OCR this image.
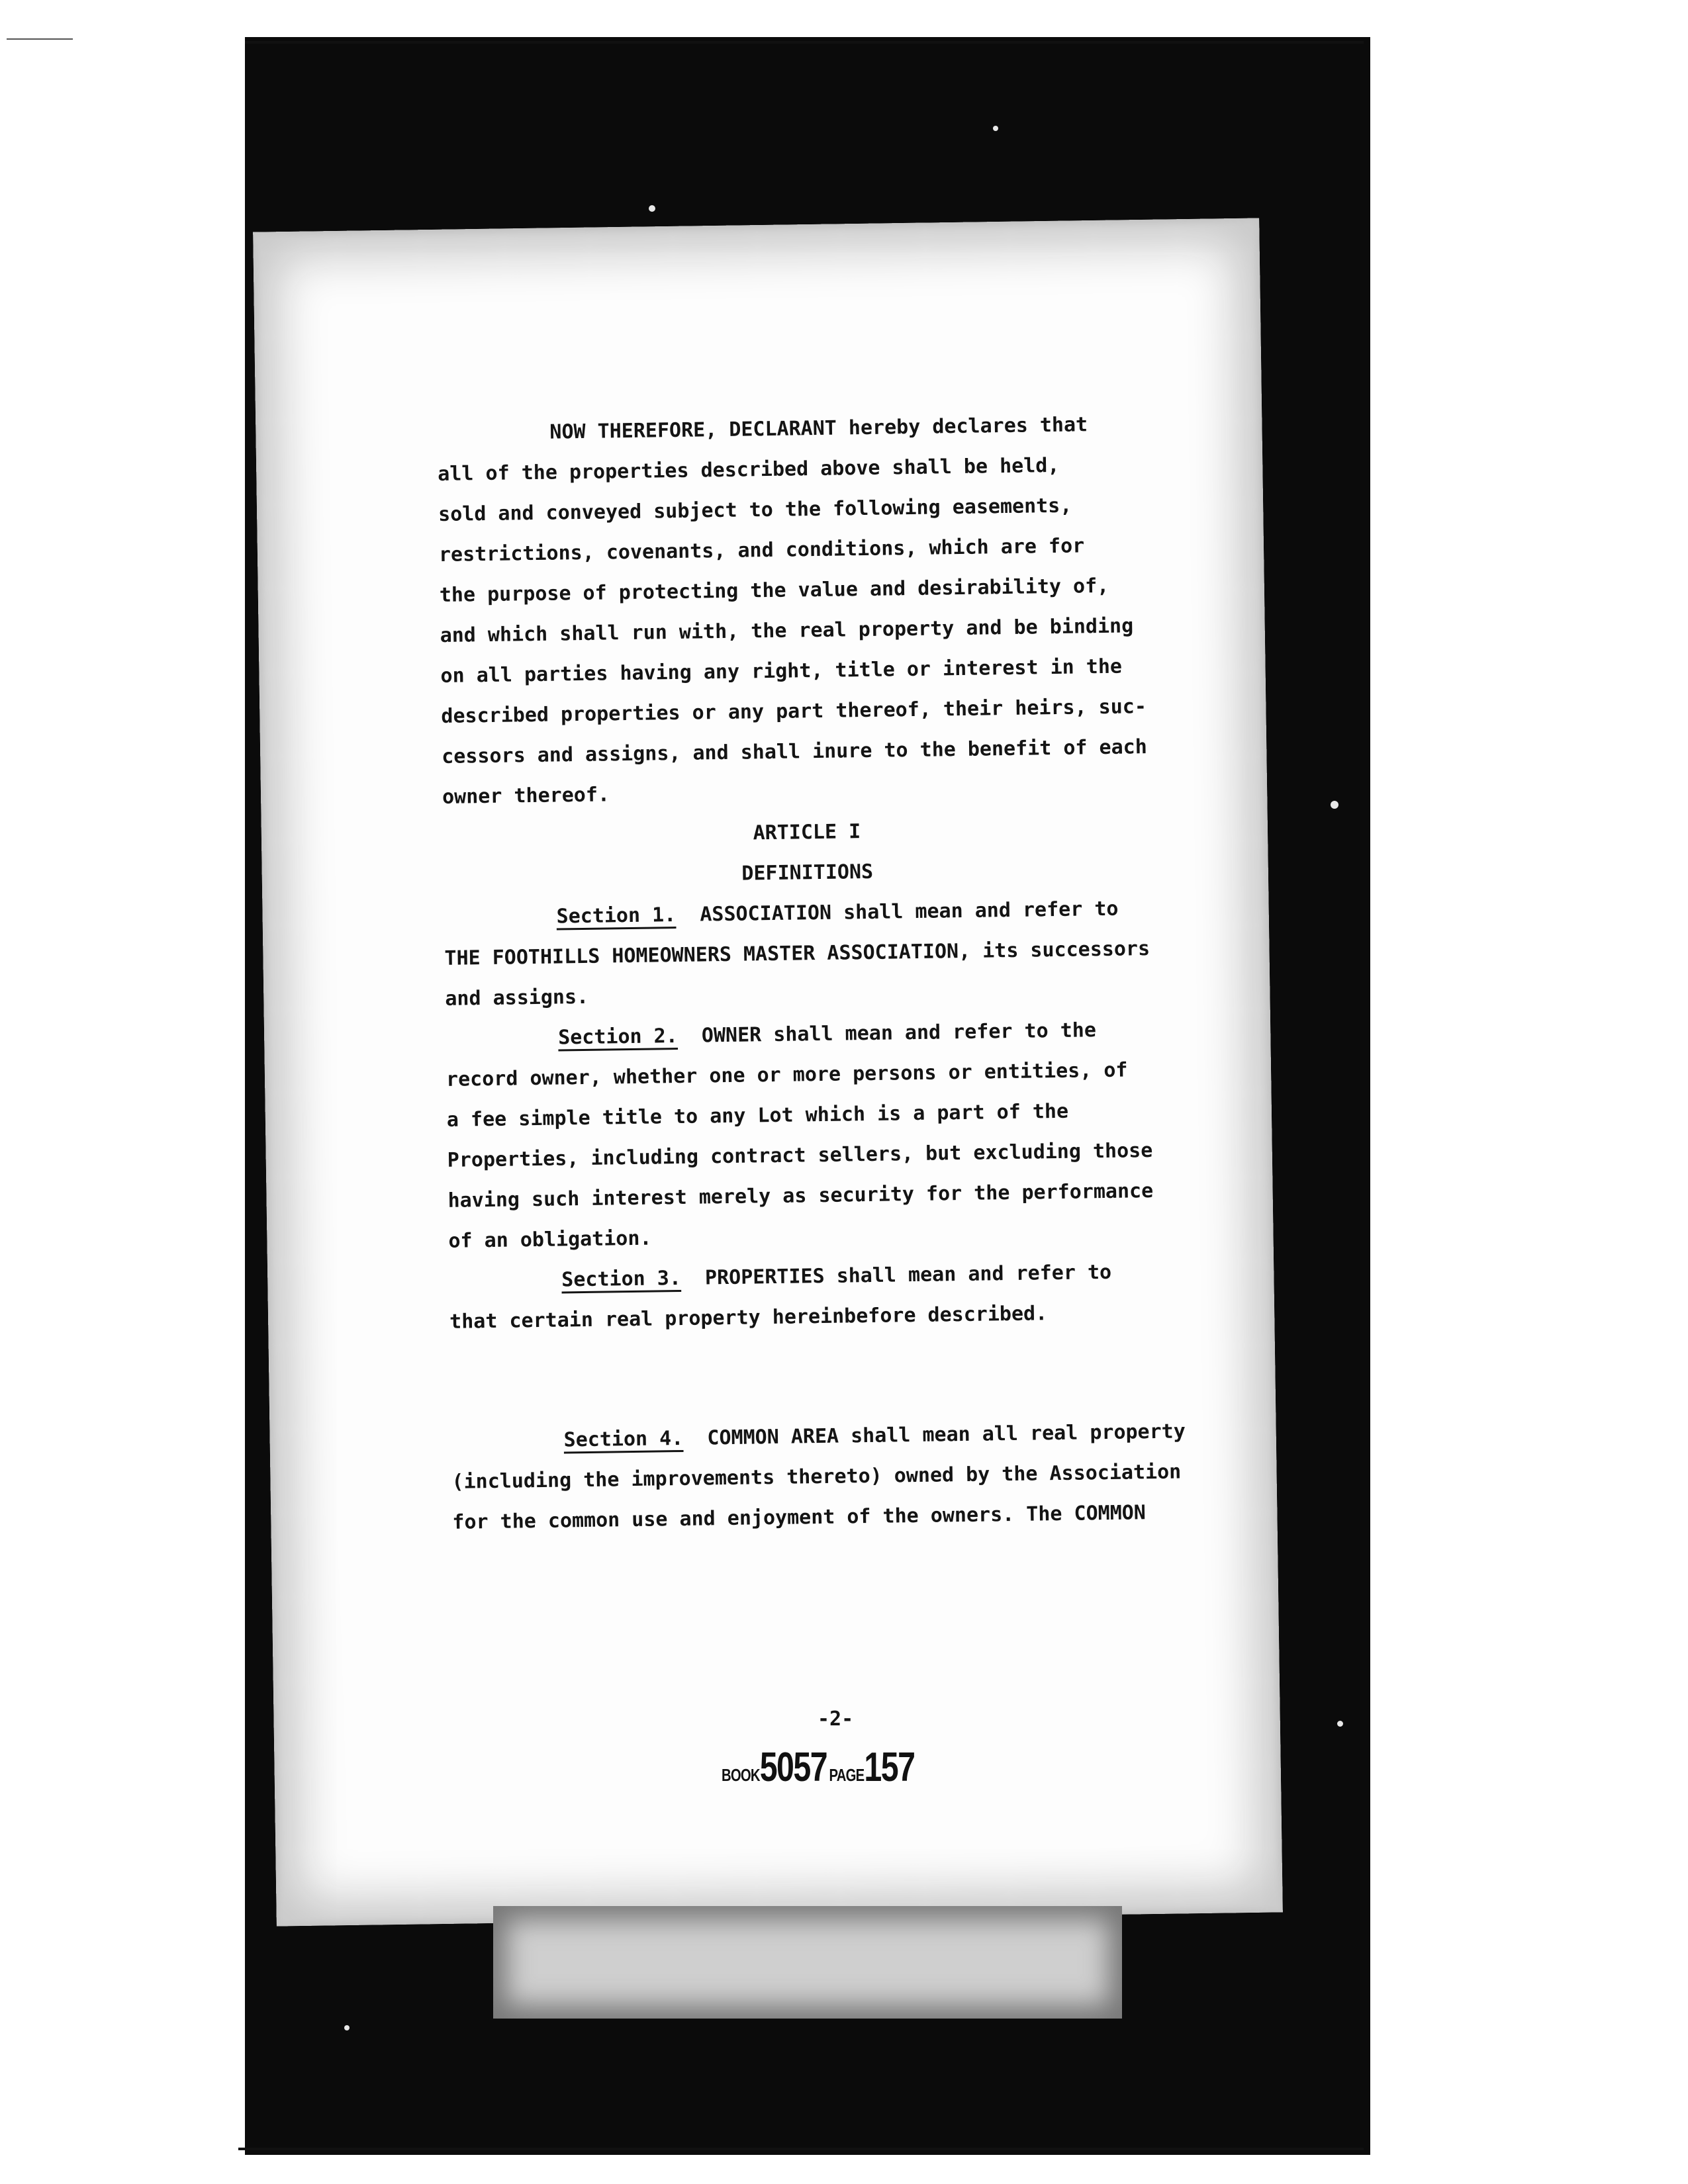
NOW THEREFORE, DECLARANT hereby declares that
all of the properties described above shall be held,
sold and conveyed subject to the following easements,
restrictions, covenants, and conditions, which are for
the purpose of protecting the value and desirability of,
and which shall run with, the real property and be binding
on all parties having any right, title or interest in the
described properties or any part thereof, their heirs, suc-
cessors and assigns, and shall inure to the benefit of each
owner thereof.
ARTICLE I
DEFINITIONS
Section 1. ASSOCIATION shall mean and refer to
THE FOOTHILLS HOMEOWNERS MASTER ASSOCIATION, its successors
and assigns.
Section 2. OWNER shall mean and refer to the
record owner, whether one or more persons or entities, of
a fee simple title to any Lot which is a part of the
Properties, including contract sellers, but excluding those
having such interest merely as security for the performance
of an obligation.
Section 3. PROPERTIES shall mean and refer to
that certain real property hereinbefore described.
Section 4. COMMON AREA shall mean all real property
(including the improvements thereto) owned by the Association
for the common use and enjoyment of the owners. The COMMON
-2-
BOOK5057 PAGE157
